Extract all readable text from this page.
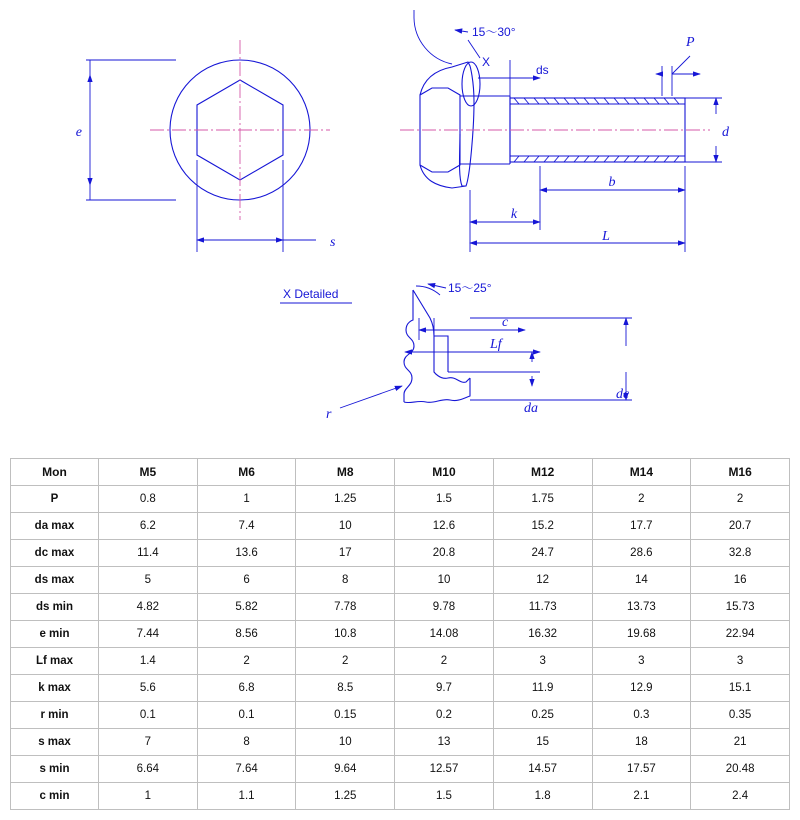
e
s
15～30°
X
ds
P
d
b
k
L
X Detailed	15～25°
c
Lf
da
dc
r
Mon	M5	M6	M8	M10	M12	M14	M16
P	0.8	1	1.25	1.5	1.75	2	2
da max	6.2	7.4	10	12.6	15.2	17.7	20.7
dc max	11.4	13.6	17	20.8	24.7	28.6	32.8
ds max	5	6	8	10	12	14	16
ds min	4.82	5.82	7.78	9.78	11.73	13.73	15.73
e min	7.44	8.56	10.8	14.08	16.32	19.68	22.94
Lf max	1.4	2	2	2	3	3	3
k max	5.6	6.8	8.5	9.7	11.9	12.9	15.1
r min	0.1	0.1	0.15	0.2	0.25	0.3	0.35
s max	7	8	10	13	15	18	21
s min	6.64	7.64	9.64	12.57	14.57	17.57	20.48
c min	1	1.1	1.25	1.5	1.8	2.1	2.4
